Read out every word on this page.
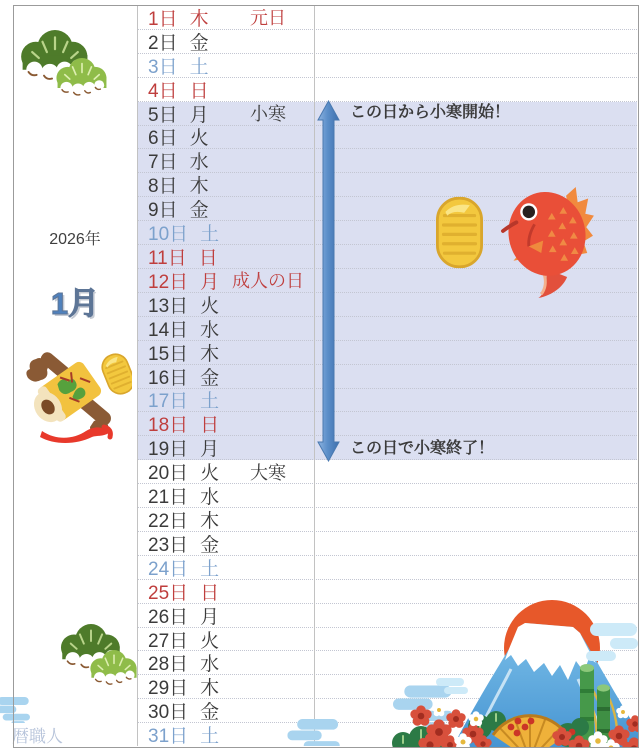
1日 木	元日
2日 金
3日 土
4日 日
5日 月	小寒
6日 火
7日 水
8日 木
9日 金
10日 土
11日 日
12日 月 成人の日
13日 火
14日 水
15日 木
16日 金
17日 土
18日 日
19日 月
20日 火	大寒
21日 水
22日 木
23日 金
24日 土
25日 日
26日 月
27日 火
28日 水
29日 木
30日 金
31日 土
この日から小寒開始！
この日で小寒終了！
2026年
1月
暦職人
